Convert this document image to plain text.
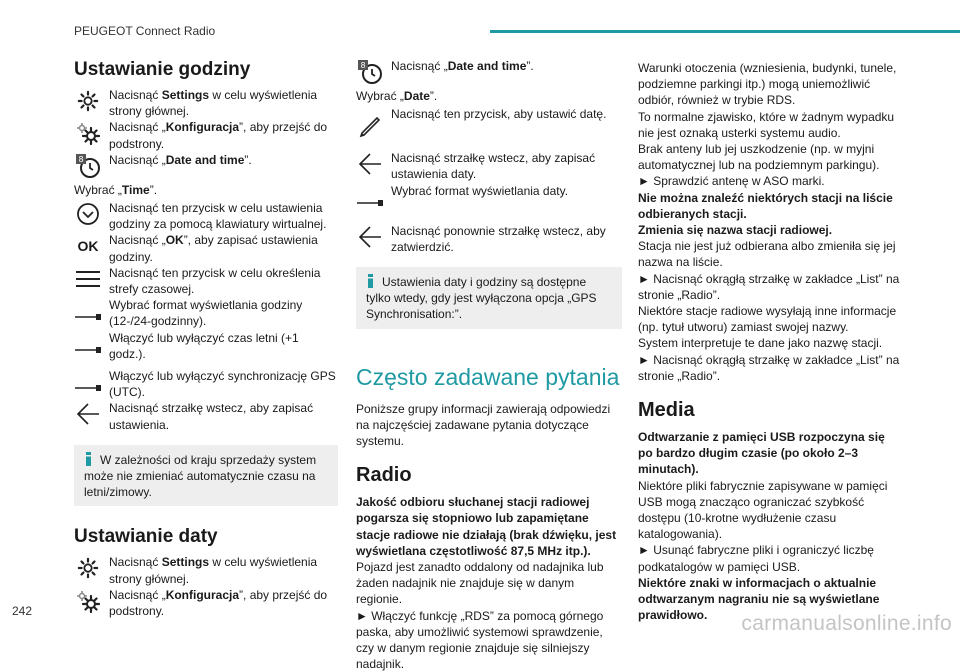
PEUGEOT Connect Radio
Ustawianie godziny
Nacisnąć Settings w celu wyświetlenia strony głównej.
Nacisnąć „Konfiguracja”, aby przejść do podstrony.
8 Nacisnąć „Date and time”.
Wybrać „Time”.
Nacisnąć ten przycisk w celu ustawienia godziny za pomocą klawiatury wirtualnej.
OK Nacisnąć „OK”, aby zapisać ustawienia godziny.
Nacisnąć ten przycisk w celu określenia strefy czasowej.
Wybrać format wyświetlania godziny (12-/24-godzinny).
Włączyć lub wyłączyć czas letni (+1 godz.).
Włączyć lub wyłączyć synchronizację GPS (UTC).
Nacisnąć strzałkę wstecz, aby zapisać ustawienia.
W zależności od kraju sprzedaży system może nie zmieniać automatycznie czasu na letni/zimowy.
Ustawianie daty
Nacisnąć Settings w celu wyświetlenia strony głównej.
Nacisnąć „Konfiguracja”, aby przejść do podstrony.
8 Nacisnąć „Date and time”.
Wybrać „Date”.
Nacisnąć ten przycisk, aby ustawić datę.
Nacisnąć strzałkę wstecz, aby zapisać ustawienia daty.
Wybrać format wyświetlania daty.
Nacisnąć ponownie strzałkę wstecz, aby zatwierdzić.
Ustawienia daty i godziny są dostępne tylko wtedy, gdy jest wyłączona opcja „GPS Synchronisation:”.
Często zadawane pytania

Poniższe grupy informacji zawierają odpowiedzi na najczęściej zadawane pytania dotyczące systemu.

Radio

Jakość odbioru słuchanej stacji radiowej pogarsza się stopniowo lub zapamiętane stacje radiowe nie działają (brak dźwięku, jest wyświetlana częstotliwość 87,5 MHz itp.).

Pojazd jest zanadto oddalony od nadajnika lub żaden nadajnik nie znajduje się w danym regionie.

► Włączyć funkcję „RDS” za pomocą górnego paska, aby umożliwić systemowi sprawdzenie, czy w danym regionie znajduje się silniejszy nadajnik.

Warunki otoczenia (wzniesienia, budynki, tunele, podziemne parkingi itp.) mogą uniemożliwić odbiór, również w trybie RDS.

To normalne zjawisko, które w żadnym wypadku nie jest oznaką usterki systemu audio.

Brak anteny lub jej uszkodzenie (np. w myjni automatycznej lub na podziemnym parkingu).

► Sprawdzić antenę w ASO marki.

Nie można znaleźć niektórych stacji na liście odbieranych stacji.

Zmienia się nazwa stacji radiowej.

Stacja nie jest już odbierana albo zmieniła się jej nazwa na liście.

► Nacisnąć okrągłą strzałkę w zakładce „List” na stronie „Radio”.

Niektóre stacje radiowe wysyłają inne informacje (np. tytuł utworu) zamiast swojej nazwy.

System interpretuje te dane jako nazwę stacji.

► Nacisnąć okrągłą strzałkę w zakładce „List” na stronie „Radio”.

Media

Odtwarzanie z pamięci USB rozpoczyna się po bardzo długim czasie (po około 2–3 minutach).

Niektóre pliki fabrycznie zapisywane w pamięci USB mogą znacząco ograniczać szybkość dostępu (10-krotne wydłużenie czasu katalogowania).

► Usunąć fabryczne pliki i ograniczyć liczbę podkatalogów w pamięci USB.

Niektóre znaki w informacjach o aktualnie odtwarzanym nagraniu nie są wyświetlane prawidłowo.

242
carmanualsonline.info
